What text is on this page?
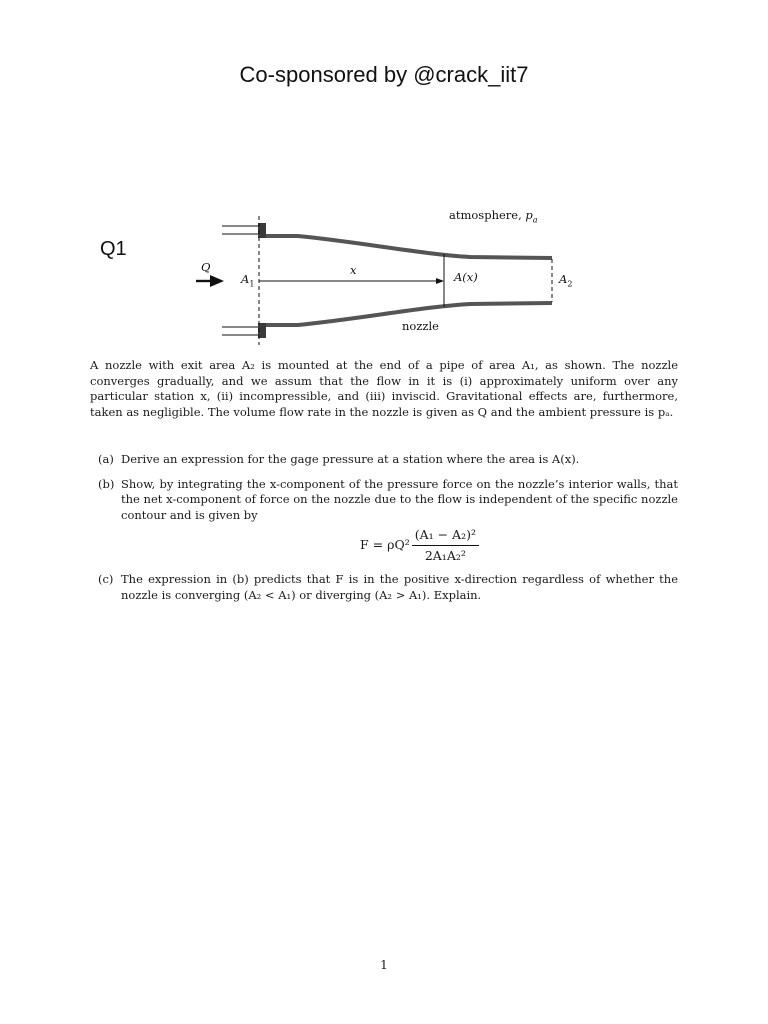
Co-sponsored by @crack_iit7
Q1
atmosphere, $p_a$
Q
$A_1$
x	A(x)	$A_2$
nozzle
A nozzle with exit area A₂ is mounted at the end of a pipe of area A₁, as shown. The nozzle converges gradually, and we assum that the flow in it is (i) approximately uniform over any particular station x, (ii) incompressible, and (iii) inviscid. Gravitational effects are, furthermore, taken as negligible. The volume flow rate in the nozzle is given as Q and the ambient pressure is pₐ.
(a) Derive an expression for the gage pressure at a station where the area is A(x).
(b) Show, by integrating the x-component of the pressure force on the nozzle’s interior walls, that the net x-component of force on the nozzle due to the flow is independent of the specific nozzle contour and is given by
$F = \rho Q^2 \frac{\text{(A₁ − A₂)²}}{\text{2A₁A₂²}}$
(c) The expression in (b) predicts that F is in the positive x-direction regardless of whether the nozzle is converging (A₂ < A₁) or diverging (A₂ > A₁). Explain.
1
